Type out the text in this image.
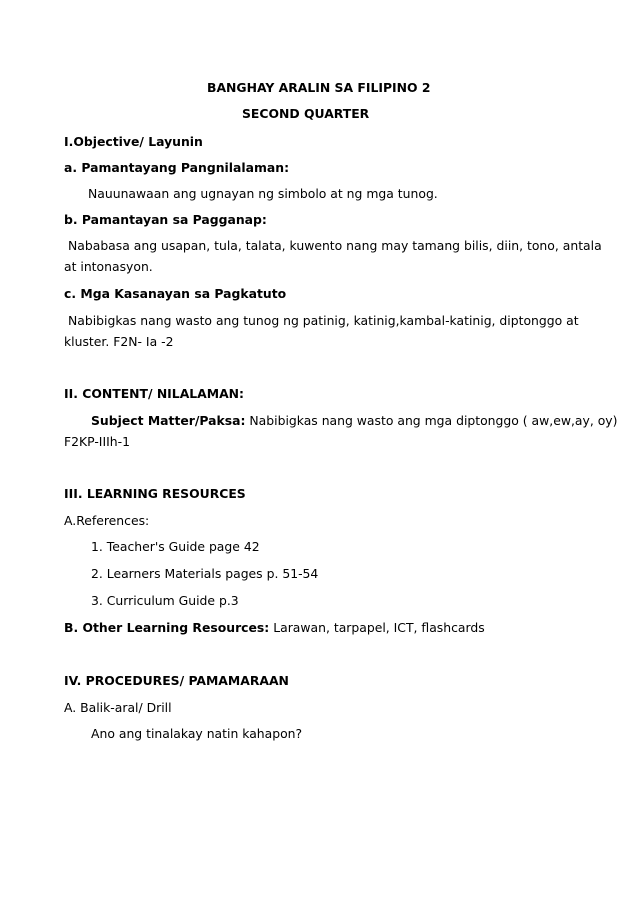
BANGHAY ARALIN SA FILIPINO 2
SECOND QUARTER
I.Objective/ Layunin
a. Pamantayang Pangnilalaman:
Nauunawaan ang ugnayan ng simbolo at ng mga tunog.
b. Pamantayan sa Pagganap:
Nababasa ang usapan, tula, talata, kuwento nang may tamang bilis, diin, tono, antala
at intonasyon.
c. Mga Kasanayan sa Pagkatuto
Nabibigkas nang wasto ang tunog ng patinig, katinig,kambal-katinig, diptonggo at
kluster. F2N- Ia -2
II. CONTENT/ NILALAMAN:
Subject Matter/Paksa: Nabibigkas nang wasto ang mga diptonggo ( aw,ew,ay, oy)
F2KP-IIIh-1
III. LEARNING RESOURCES
A.References:
1. Teacher's Guide page 42
2. Learners Materials pages p. 51-54
3. Curriculum Guide p.3
B. Other Learning Resources: Larawan, tarpapel, ICT, flashcards
IV. PROCEDURES/ PAMAMARAAN
A. Balik-aral/ Drill
Ano ang tinalakay natin kahapon?
